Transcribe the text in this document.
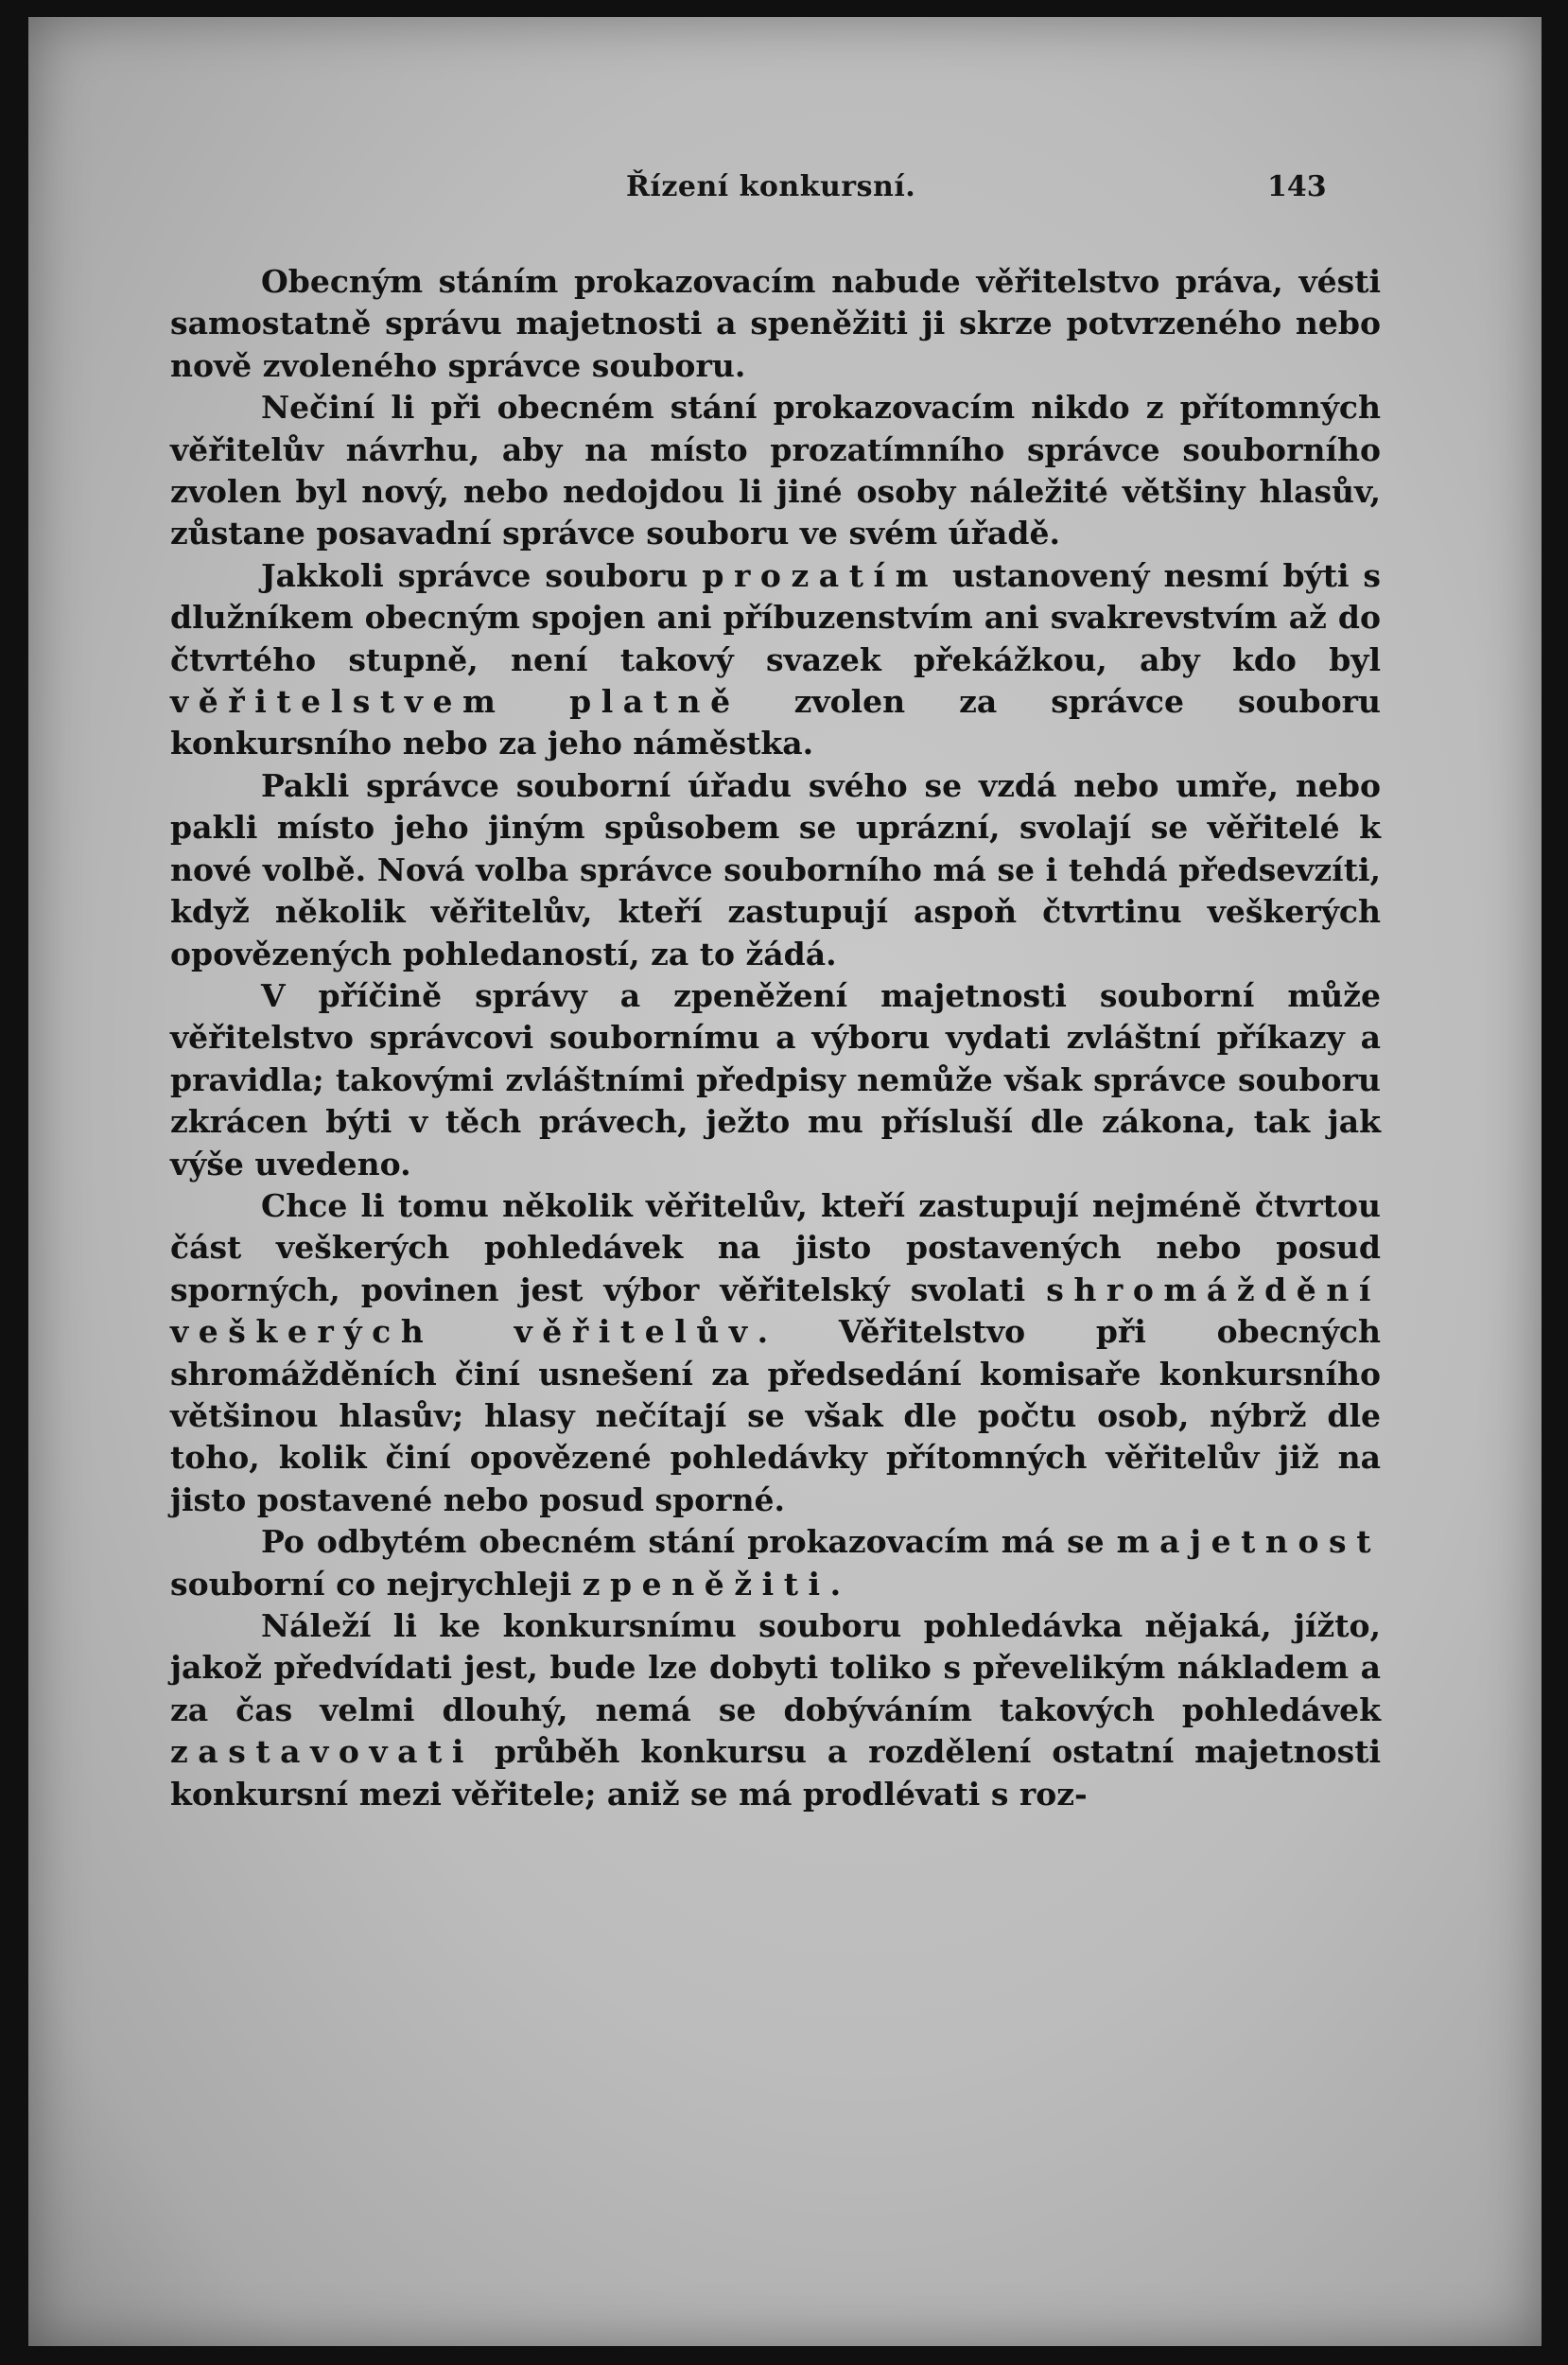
Řízení konkursní.	143

Obecným stáním prokazovacím nabude věřitelstvo práva, vésti samostatně správu majetnosti a speněžiti ji skrze potvrzeného nebo nově zvoleného správce souboru.

Nečiní li při obecném stání prokazovacím nikdo z přítomných věřitelův návrhu, aby na místo prozatímního správce souborního zvolen byl nový, nebo nedojdou li jiné osoby náležité většiny hlasův, zůstane posavadní správce souboru ve svém úřadě.

Jakkoli správce souboru prozatím ustanovený nesmí býti s dlužníkem obecným spojen ani příbuzenstvím ani svakrevstvím až do čtvrtého stupně, není takový svazek překážkou, aby kdo byl věřitelstvem platně zvolen za správce souboru konkursního nebo za jeho náměstka.

Pakli správce souborní úřadu svého se vzdá nebo umře, nebo pakli místo jeho jiným spůsobem se uprázní, svolají se věřitelé k nové volbě. Nová volba správce souborního má se i tehdá předsevzíti, když několik věřitelův, kteří zastupují aspoň čtvrtinu veškerých opovězených pohledaností, za to žádá.

V příčině správy a zpeněžení majetnosti souborní může věřitelstvo správcovi soubornímu a výboru vydati zvláštní příkazy a pravidla; takovými zvláštními předpisy nemůže však správce souboru zkrácen býti v těch právech, ježto mu přísluší dle zákona, tak jak výše uvedeno.

Chce li tomu několik věřitelův, kteří zastupují nejméně čtvrtou část veškerých pohledávek na jisto postavených nebo posud sporných, povinen jest výbor věřitelský svolati shromáždění veškerých věřitelův. Věřitelstvo při obecných shromážděních činí usnešení za předsedání komisaře konkursního většinou hlasův; hlasy nečítají se však dle počtu osob, nýbrž dle toho, kolik činí opovězené pohledávky přítomných věřitelův již na jisto postavené nebo posud sporné.

Po odbytém obecném stání prokazovacím má se majetnost souborní co nejrychleji zpeněžiti.

Náleží li ke konkursnímu souboru pohledávka nějaká, jížto, jakož předvídati jest, bude lze dobyti toliko s převelikým nákladem a za čas velmi dlouhý, nemá se dobýváním takových pohledávek zastavovati průběh konkursu a rozdělení ostatní majetnosti konkursní mezi věřitele; aniž se má prodlévati s roz-
